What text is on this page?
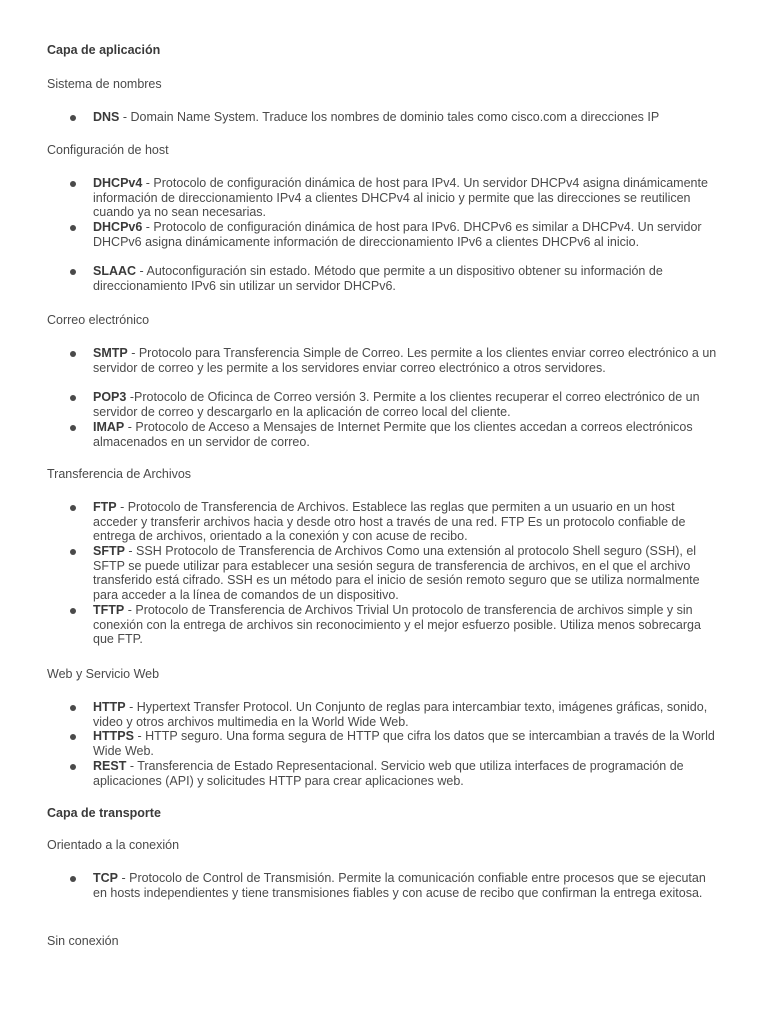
Capa de aplicación
Sistema de nombres
DNS - Domain Name System. Traduce los nombres de dominio tales como cisco.com a direcciones IP
Configuración de host
DHCPv4 - Protocolo de configuración dinámica de host para IPv4. Un servidor DHCPv4 asigna dinámicamente información de direccionamiento IPv4 a clientes DHCPv4 al inicio y permite que las direcciones se reutilicen cuando ya no sean necesarias.
DHCPv6 - Protocolo de configuración dinámica de host para IPv6. DHCPv6 es similar a DHCPv4. Un servidor DHCPv6 asigna dinámicamente información de direccionamiento IPv6 a clientes DHCPv6 al inicio.
SLAAC - Autoconfiguración sin estado. Método que permite a un dispositivo obtener su información de direccionamiento IPv6 sin utilizar un servidor DHCPv6.
Correo electrónico
SMTP - Protocolo para Transferencia Simple de Correo. Les permite a los clientes enviar correo electrónico a un servidor de correo y les permite a los servidores enviar correo electrónico a otros servidores.
POP3 -Protocolo de Oficinca de Correo versión 3. Permite a los clientes recuperar el correo electrónico de un servidor de correo y descargarlo en la aplicación de correo local del cliente.
IMAP - Protocolo de Acceso a Mensajes de Internet Permite que los clientes accedan a correos electrónicos almacenados en un servidor de correo.
Transferencia de Archivos
FTP - Protocolo de Transferencia de Archivos. Establece las reglas que permiten a un usuario en un host acceder y transferir archivos hacia y desde otro host a través de una red. FTP Es un protocolo confiable de entrega de archivos, orientado a la conexión y con acuse de recibo.
SFTP - SSH Protocolo de Transferencia de Archivos Como una extensión al protocolo Shell seguro (SSH), el SFTP se puede utilizar para establecer una sesión segura de transferencia de archivos, en el que el archivo transferido está cifrado. SSH es un método para el inicio de sesión remoto seguro que se utiliza normalmente para acceder a la línea de comandos de un dispositivo.
TFTP - Protocolo de Transferencia de Archivos Trivial Un protocolo de transferencia de archivos simple y sin conexión con la entrega de archivos sin reconocimiento y el mejor esfuerzo posible. Utiliza menos sobrecarga que FTP.
Web y Servicio Web
HTTP - Hypertext Transfer Protocol. Un Conjunto de reglas para intercambiar texto, imágenes gráficas, sonido, video y otros archivos multimedia en la World Wide Web.
HTTPS - HTTP seguro. Una forma segura de HTTP que cifra los datos que se intercambian a través de la World Wide Web.
REST - Transferencia de Estado Representacional. Servicio web que utiliza interfaces de programación de aplicaciones (API) y solicitudes HTTP para crear aplicaciones web.
Capa de transporte
Orientado a la conexión
TCP - Protocolo de Control de Transmisión. Permite la comunicación confiable entre procesos que se ejecutan en hosts independientes y tiene transmisiones fiables y con acuse de recibo que confirman la entrega exitosa.
Sin conexión
